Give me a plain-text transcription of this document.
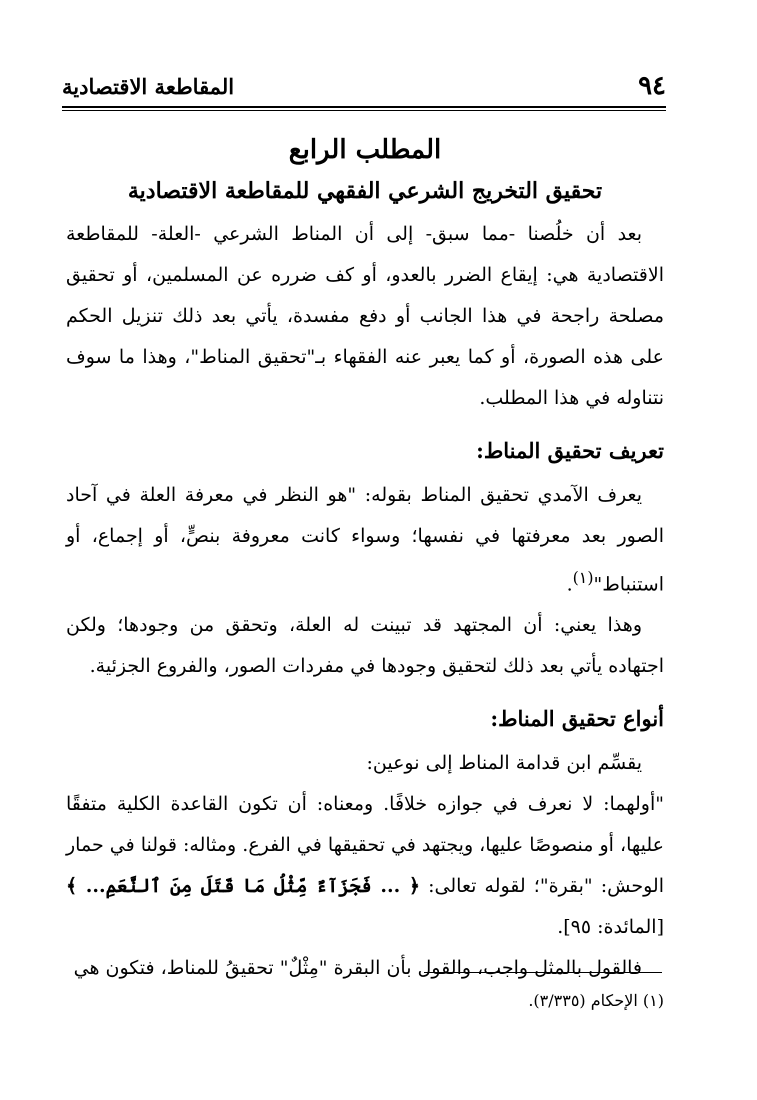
٩٤
المقاطعة الاقتصادية
المطلب الرابع
تحقيق التخريج الشرعي الفقهي للمقاطعة الاقتصادية

بعد أن خلُصنا -مما سبق- إلى أن المناط الشرعي -العلة- للمقاطعة الاقتصادية هي: إيقاع الضرر بالعدو، أو كف ضرره عن المسلمين، أو تحقيق مصلحة راجحة في هذا الجانب أو دفع مفسدة، يأتي بعد ذلك تنزيل الحكم على هذه الصورة، أو كما يعبر عنه الفقهاء بـ"تحقيق المناط"، وهذا ما سوف نتناوله في هذا المطلب.

تعريف تحقيق المناط:

يعرف الآمدي تحقيق المناط بقوله: "هو النظر في معرفة العلة في آحاد الصور بعد معرفتها في نفسها؛ وسواء كانت معروفة بنصٍّ، أو إجماع، أو استنباط"$^{(١)}$.

وهذا يعني: أن المجتهد قد تبينت له العلة، وتحقق من وجودها؛ ولكن اجتهاده يأتي بعد ذلك لتحقيق وجودها في مفردات الصور، والفروع الجزئية.

أنواع تحقيق المناط:

يقسِّم ابن قدامة المناط إلى نوعين:

"أولهما: لا نعرف في جوازه خلافًا. ومعناه: أن تكون القاعدة الكلية متفقًا عليها، أو منصوصًا عليها، ويجتهد في تحقيقها في الفرع. ومثاله: قولنا في حمار الوحش: "بقرة"؛ لقوله تعالى: ﴿ ... فَجَزَآءٌ مِّثْلُ مَا قَتَلَ مِنَ ٱلنَّعَمِ... ﴾ [المائدة: ٩٥].

فالقول بالمثل واجب، والقول بأن البقرة "مِثْلٌ" تحقيقُ للمناط، فتكون هي

(١) الإحكام (٣/٣٣٥).
